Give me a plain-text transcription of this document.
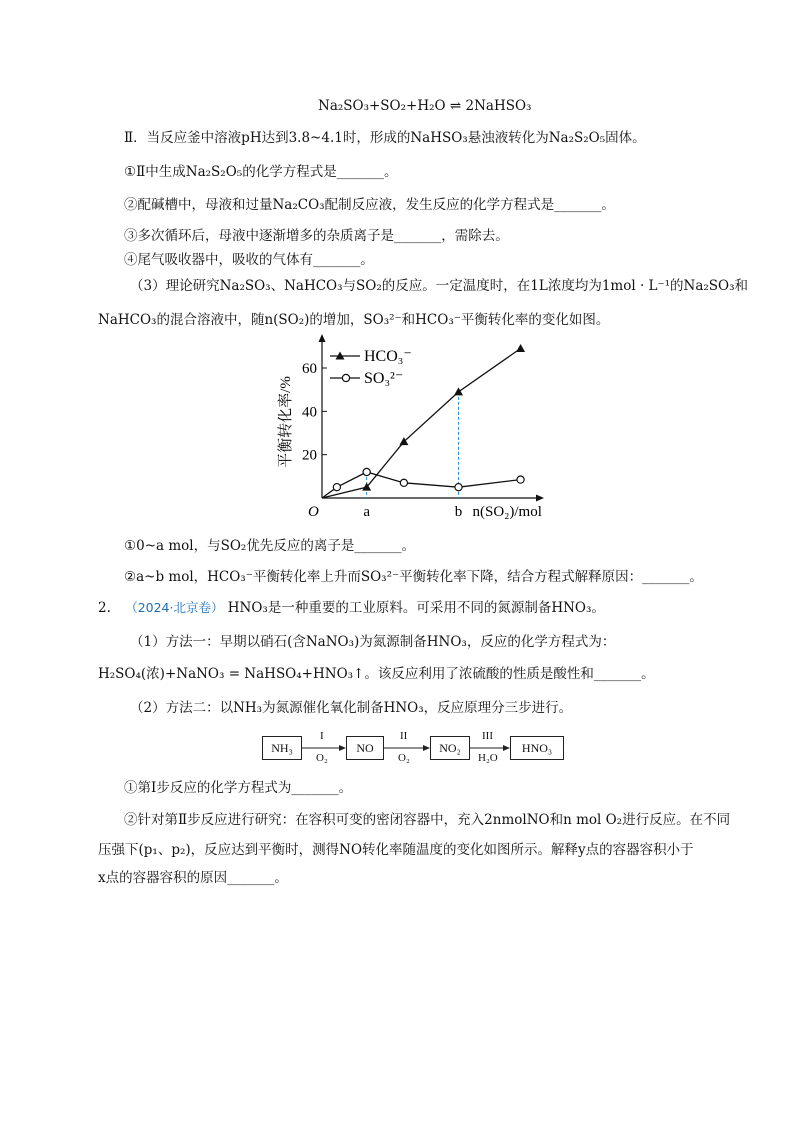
Na₂SO₃+SO₂+H₂O ⇌ 2NaHSO₃
Ⅱ．当反应釜中溶液pH达到3.8~4.1时，形成的NaHSO₃悬浊液转化为Na₂S₂O₅固体。
①Ⅱ中生成Na₂S₂O₅的化学方程式是_______。
②配碱槽中，母液和过量Na₂CO₃配制反应液，发生反应的化学方程式是_______。
③多次循环后，母液中逐渐增多的杂质离子是_______，需除去。
④尾气吸收器中，吸收的气体有_______。
（3）理论研究Na₂SO₃、NaHCO₃与SO₂的反应。一定温度时，在1L浓度均为1mol · L⁻¹的Na₂SO₃和
NaHCO₃的混合溶液中，随n(SO₂)的增加，SO₃²⁻和HCO₃⁻平衡转化率的变化如图。
20
40
60
O	a	b n(SO₂)/mol
平衡转化率/%
HCO₃⁻
SO₃²⁻
①0~a mol，与SO₂优先反应的离子是_______。
②a~b mol，HCO₃⁻平衡转化率上升而SO₃²⁻平衡转化率下降，结合方程式解释原因：_______。
2. （2024·北京卷） HNO₃是一种重要的工业原料。可采用不同的氮源制备HNO₃。
（1）方法一：早期以硝石(含NaNO₃)为氮源制备HNO₃，反应的化学方程式为：
H₂SO₄(浓)+NaNO₃ = NaHSO₄+HNO₃↑。该反应利用了浓硫酸的性质是酸性和_______。
（2）方法二：以NH₃为氮源催化氧化制备HNO₃，反应原理分三步进行。
NH₃	NO	NO₂	HNO₃
I
O₂
II
O₂
III
H₂O
①第Ⅰ步反应的化学方程式为_______。
②针对第Ⅱ步反应进行研究：在容积可变的密闭容器中，充入2nmolNO和n mol O₂进行反应。在不同
压强下(p₁、p₂)，反应达到平衡时，测得NO转化率随温度的变化如图所示。解释y点的容器容积小于
x点的容器容积的原因_______。
